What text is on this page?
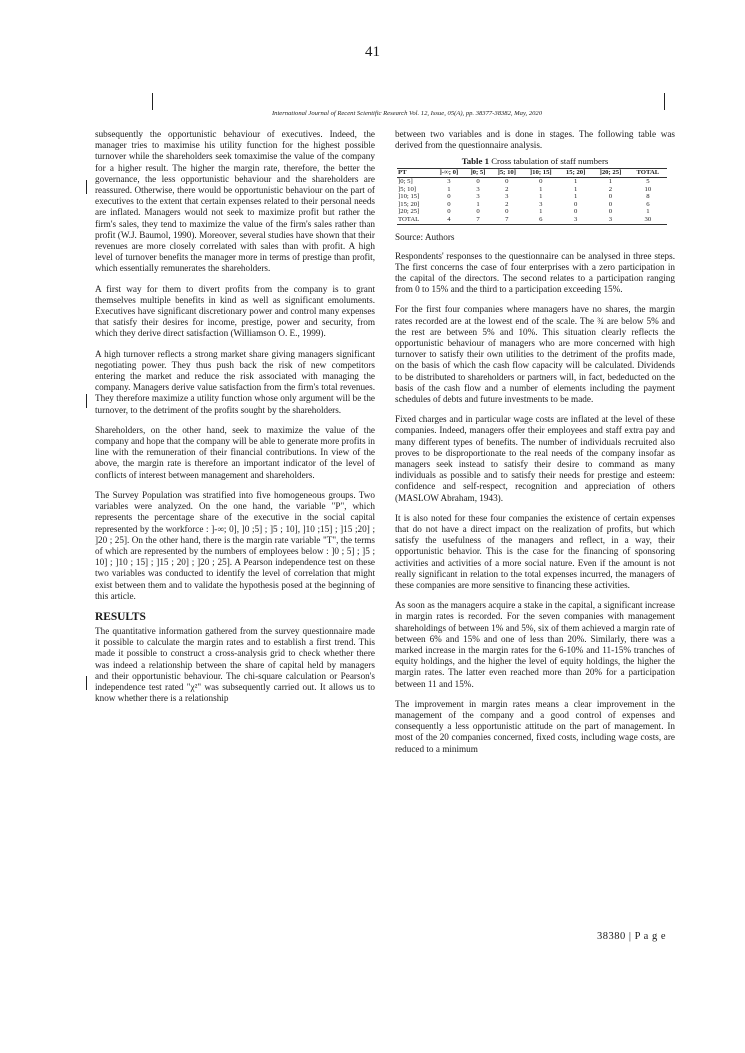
41
International Journal of Recent Scientific Research Vol. 12, Issue, 05(A), pp. 38377-38382, May, 2020

subsequently the opportunistic behaviour of executives. Indeed, the manager tries to maximise his utility function for the highest possible turnover while the shareholders seek tomaximise the value of the company for a higher result. The higher the margin rate, therefore, the better the governance, the less opportunistic behaviour and the shareholders are reassured. Otherwise, there would be opportunistic behaviour on the part of executives to the extent that certain expenses related to their personal needs are inflated. Managers would not seek to maximize profit but rather the firm's sales, they tend to maximize the value of the firm's sales rather than profit (W.J. Baumol, 1990). Moreover, several studies have shown that their revenues are more closely correlated with sales than with profit. A high level of turnover benefits the manager more in terms of prestige than profit, which essentially remunerates the shareholders.

A first way for them to divert profits from the company is to grant themselves multiple benefits in kind as well as significant emoluments. Executives have significant discretionary power and control many expenses that satisfy their desires for income, prestige, power and security, from which they derive direct satisfaction (Williamson O. E., 1999).

A high turnover reflects a strong market share giving managers significant negotiating power. They thus push back the risk of new competitors entering the market and reduce the risk associated with managing the company. Managers derive value satisfaction from the firm's total revenues. They therefore maximize a utility function whose only argument will be the turnover, to the detriment of the profits sought by the shareholders.

Shareholders, on the other hand, seek to maximize the value of the company and hope that the company will be able to generate more profits in line with the remuneration of their financial contributions. In view of the above, the margin rate is therefore an important indicator of the level of conflicts of interest between management and shareholders.

The Survey Population was stratified into five homogeneous groups. Two variables were analyzed. On the one hand, the variable "P", which represents the percentage share of the executive in the social capital represented by the workforce : ]-∞; 0], ]0 ;5] ; ]5 ; 10], ]10 ;15] ; ]15 ;20] ; ]20 ; 25]. On the other hand, there is the margin rate variable "T", the terms of which are represented by the numbers of employees below : ]0 ; 5] ; ]5 ; 10] ; ]10 ; 15] ; ]15 ; 20] ; ]20 ; 25]. A Pearson independence test on these two variables was conducted to identify the level of correlation that might exist between them and to validate the hypothesis posed at the beginning of this article.

RESULTS

The quantitative information gathered from the survey questionnaire made it possible to calculate the margin rates and to establish a first trend. This made it possible to construct a cross-analysis grid to check whether there was indeed a relationship between the share of capital held by managers and their opportunistic behaviour. The chi-square calculation or Pearson's independence test rated "χ²" was subsequently carried out. It allows us to know whether there is a relationship

between two variables and is done in stages. The following table was derived from the questionnaire analysis.

Table 1 Cross tabulation of staff numbers
PT	]-∞; 0]	]0; 5]	]5; 10]	]10; 15]	15; 20]	]20; 25]	TOTAL
]0; 5]	3	0	0	0	1	1	5
]5; 10]	1	3	2	1	1	2	10
]10; 15]	0	3	3	1	1	0	8
]15; 20]	0	1	2	3	0	0	6
]20; 25]	0	0	0	1	0	0	1
TOTAL	4	7	7	6	3	3	30
Source: Authors

Respondents' responses to the questionnaire can be analysed in three steps. The first concerns the case of four enterprises with a zero participation in the capital of the directors. The second relates to a participation ranging from 0 to 15% and the third to a participation exceeding 15%.

For the first four companies where managers have no shares, the margin rates recorded are at the lowest end of the scale. The ¾ are below 5% and the rest are between 5% and 10%. This situation clearly reflects the opportunistic behaviour of managers who are more concerned with high turnover to satisfy their own utilities to the detriment of the profits made, on the basis of which the cash flow capacity will be calculated. Dividends to be distributed to shareholders or partners will, in fact, bededucted on the basis of the cash flow and a number of elements including the payment schedules of debts and future investments to be made.

Fixed charges and in particular wage costs are inflated at the level of these companies. Indeed, managers offer their employees and staff extra pay and many different types of benefits. The number of individuals recruited also proves to be disproportionate to the real needs of the company insofar as managers seek instead to satisfy their desire to command as many individuals as possible and to satisfy their needs for prestige and esteem: confidence and self-respect, recognition and appreciation of others (MASLOW Abraham, 1943).

It is also noted for these four companies the existence of certain expenses that do not have a direct impact on the realization of profits, but which satisfy the usefulness of the managers and reflect, in a way, their opportunistic behavior. This is the case for the financing of sponsoring activities and activities of a more social nature. Even if the amount is not really significant in relation to the total expenses incurred, the managers of these companies are more sensitive to financing these activities.

As soon as the managers acquire a stake in the capital, a significant increase in margin rates is recorded. For the seven companies with management shareholdings of between 1% and 5%, six of them achieved a margin rate of between 6% and 15% and one of less than 20%. Similarly, there was a marked increase in the margin rates for the 6-10% and 11-15% tranches of equity holdings, and the higher the level of equity holdings, the higher the margin rates. The latter even reached more than 20% for a participation between 11 and 15%.

The improvement in margin rates means a clear improvement in the management of the company and a good control of expenses and consequently a less opportunistic attitude on the part of management. In most of the 20 companies concerned, fixed costs, including wage costs, are reduced to a minimum

38380 | P a g e
